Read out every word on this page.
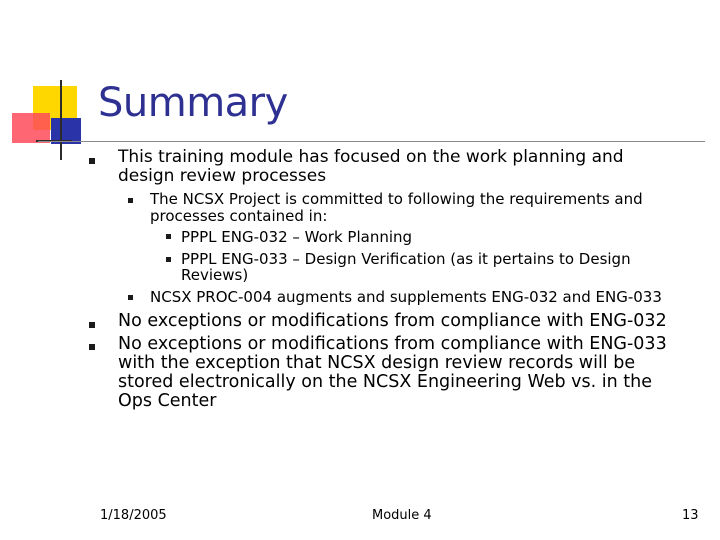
Summary
This training module has focused on the work planning and
design review processes
The NCSX Project is committed to following the requirements and
processes contained in:
PPPL ENG-032 – Work Planning
PPPL ENG-033 – Design Verification (as it pertains to Design
Reviews)
NCSX PROC-004 augments and supplements ENG-032 and ENG-033
No exceptions or modifications from compliance with ENG-032
No exceptions or modifications from compliance with ENG-033
with the exception that NCSX design review records will be
stored electronically on the NCSX Engineering Web vs. in the
Ops Center
1/18/2005	Module 4	13
